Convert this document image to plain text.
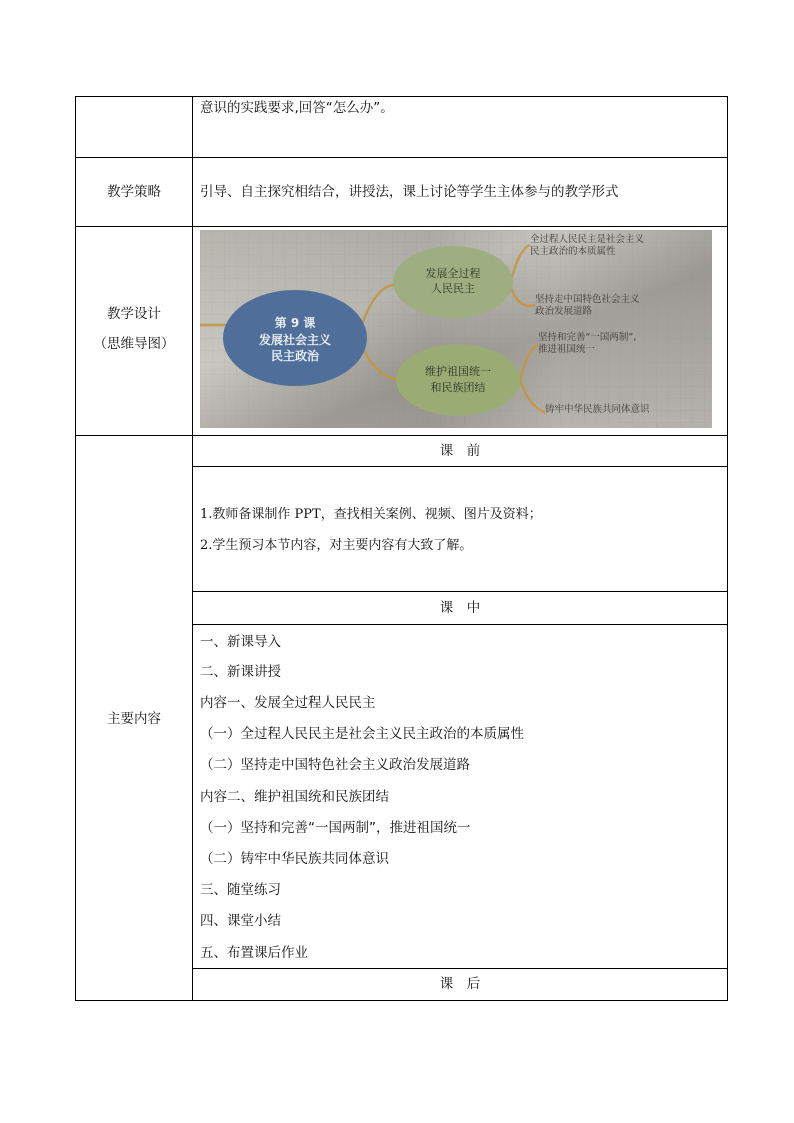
意识的实践要求,回答“怎么办”。
教学策略	引导、自主探究相结合，讲授法，课上讨论等学生主体参与的教学形式
教学设计
（思维导图）
第 9 课
发展社会主义
民主政治
发展全过程
人民民主
维护祖国统一
和民族团结
全过程人民民主是社会主义
民主政治的本质属性
坚持走中国特色社会主义
政治发展道路
坚持和完善“一国两制”,
推进祖国统一
铸牢中华民族共同体意识
主要内容
课　前
1.教师备课制作 PPT，查找相关案例、视频、图片及资料；
2.学生预习本节内容，对主要内容有大致了解。
课　中
一、新课导入
二、新课讲授
内容一、发展全过程人民民主
（一）全过程人民民主是社会主义民主政治的本质属性
（二）坚持走中国特色社会主义政治发展道路
内容二、维护祖国统和民族团结
（一）坚持和完善“一国两制”，推进祖国统一
（二）铸牢中华民族共同体意识
三、随堂练习
四、课堂小结
五、布置课后作业
课　后
